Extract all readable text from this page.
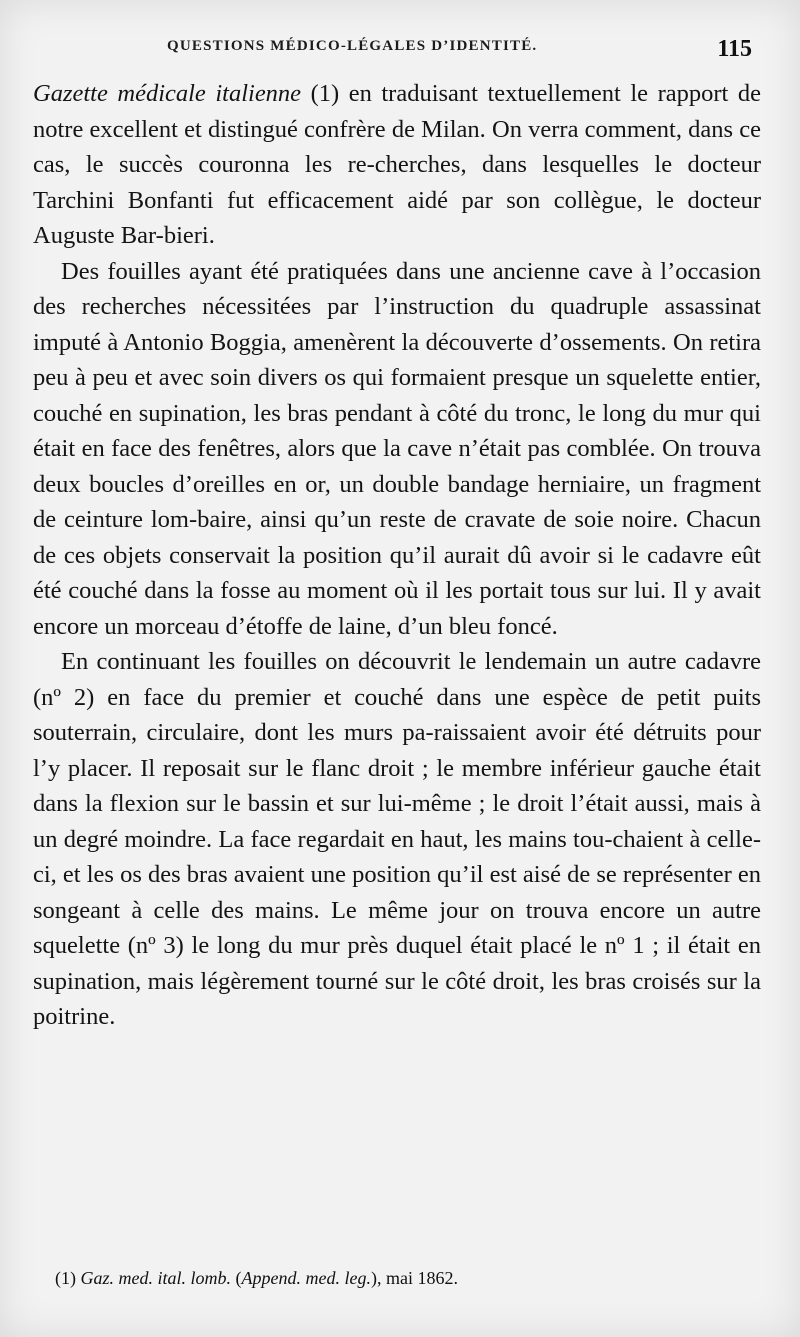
QUESTIONS MÉDICO-LÉGALES D’IDENTITÉ.	115

Gazette médicale italienne (1) en traduisant textuellement le rapport de notre excellent et distingué confrère de Milan. On verra comment, dans ce cas, le succès couronna les re-cherches, dans lesquelles le docteur Tarchini Bonfanti fut efficacement aidé par son collègue, le docteur Auguste Bar-bieri.

Des fouilles ayant été pratiquées dans une ancienne cave à l’occasion des recherches nécessitées par l’instruction du quadruple assassinat imputé à Antonio Boggia, amenèrent la découverte d’ossements. On retira peu à peu et avec soin divers os qui formaient presque un squelette entier, couché en supination, les bras pendant à côté du tronc, le long du mur qui était en face des fenêtres, alors que la cave n’était pas comblée. On trouva deux boucles d’oreilles en or, un double bandage herniaire, un fragment de ceinture lom-baire, ainsi qu’un reste de cravate de soie noire. Chacun de ces objets conservait la position qu’il aurait dû avoir si le cadavre eût été couché dans la fosse au moment où il les portait tous sur lui. Il y avait encore un morceau d’étoffe de laine, d’un bleu foncé.

En continuant les fouilles on découvrit le lendemain un autre cadavre (nº 2) en face du premier et couché dans une espèce de petit puits souterrain, circulaire, dont les murs pa-raissaient avoir été détruits pour l’y placer. Il reposait sur le flanc droit ; le membre inférieur gauche était dans la flexion sur le bassin et sur lui-même ; le droit l’était aussi, mais à un degré moindre. La face regardait en haut, les mains tou-chaient à celle-ci, et les os des bras avaient une position qu’il est aisé de se représenter en songeant à celle des mains. Le même jour on trouva encore un autre squelette (nº 3) le long du mur près duquel était placé le nº 1 ; il était en supination, mais légèrement tourné sur le côté droit, les bras croisés sur la poitrine.

(1) Gaz. med. ital. lomb. (Append. med. leg.), mai 1862.
